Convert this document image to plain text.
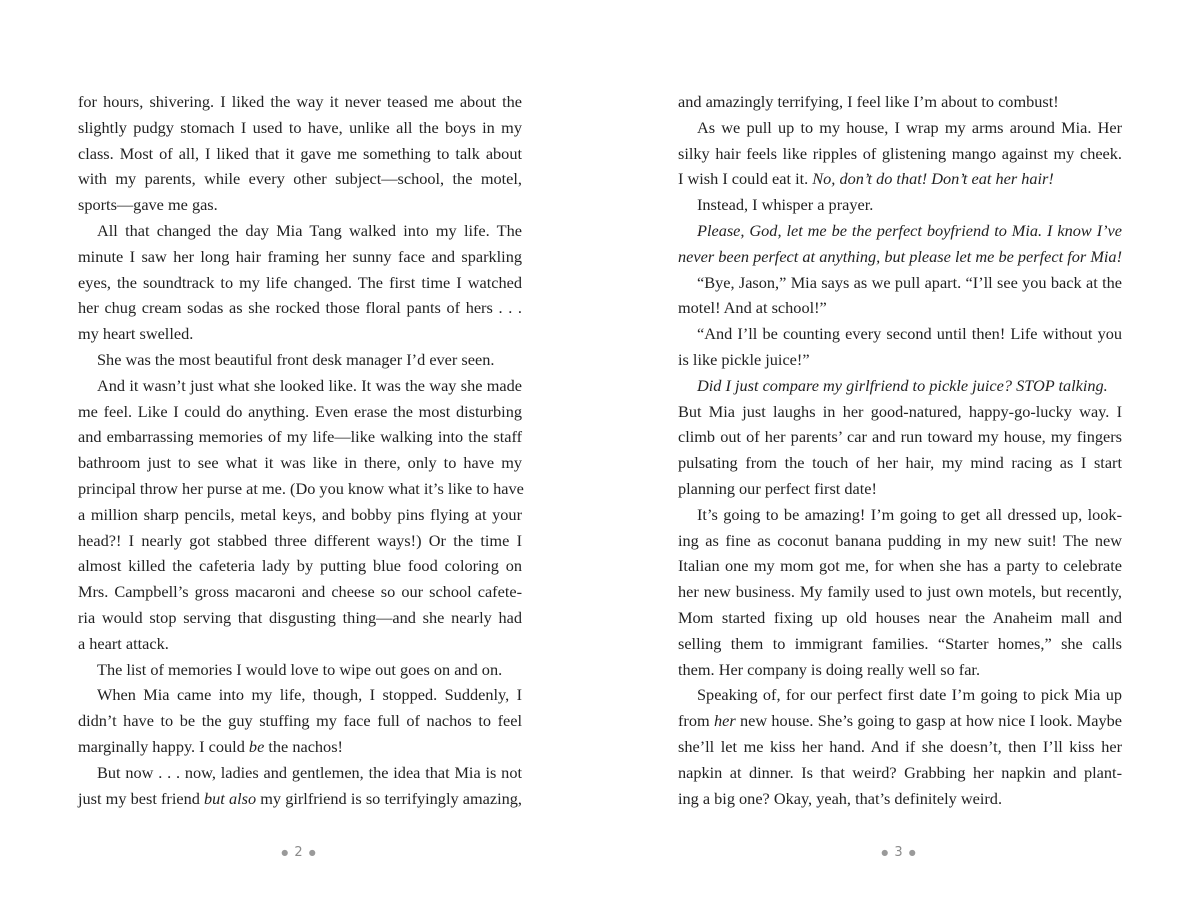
for hours, shivering. I liked the way it never teased me about the
slightly pudgy stomach I used to have, unlike all the boys in my
class. Most of all, I liked that it gave me something to talk about
with my parents, while every other subject—school, the motel,
sports—gave me gas.
All that changed the day Mia Tang walked into my life. The
minute I saw her long hair framing her sunny face and sparkling
eyes, the soundtrack to my life changed. The first time I watched
her chug cream sodas as she rocked those floral pants of hers . . .
my heart swelled.
She was the most beautiful front desk manager I’d ever seen.
And it wasn’t just what she looked like. It was the way she made
me feel. Like I could do anything. Even erase the most disturbing
and embarrassing memories of my life—like walking into the staff
bathroom just to see what it was like in there, only to have my
principal throw her purse at me. (Do you know what it’s like to have
a million sharp pencils, metal keys, and bobby pins flying at your
head?! I nearly got stabbed three different ways!) Or the time I
almost killed the cafeteria lady by putting blue food coloring on
Mrs. Campbell’s gross macaroni and cheese so our school cafete-
ria would stop serving that disgusting thing—and she nearly had
a heart attack.
The list of memories I would love to wipe out goes on and on.
When Mia came into my life, though, I stopped. Suddenly, I
didn’t have to be the guy stuffing my face full of nachos to feel
marginally happy. I could be the nachos!
But now . . . now, ladies and gentlemen, the idea that Mia is not
just my best friend but also my girlfriend is so terrifyingly amazing,
and amazingly terrifying, I feel like I’m about to combust!
As we pull up to my house, I wrap my arms around Mia. Her
silky hair feels like ripples of glistening mango against my cheek.
I wish I could eat it. No, don’t do that! Don’t eat her hair!
Instead, I whisper a prayer.
Please, God, let me be the perfect boyfriend to Mia. I know I’ve
never been perfect at anything, but please let me be perfect for Mia!
“Bye, Jason,” Mia says as we pull apart. “I’ll see you back at the
motel! And at school!”
“And I’ll be counting every second until then! Life without you
is like pickle juice!”
Did I just compare my girlfriend to pickle juice? STOP talking.
But Mia just laughs in her good-natured, happy-go-lucky way. I
climb out of her parents’ car and run toward my house, my fingers
pulsating from the touch of her hair, my mind racing as I start
planning our perfect first date!
It’s going to be amazing! I’m going to get all dressed up, look-
ing as fine as coconut banana pudding in my new suit! The new
Italian one my mom got me, for when she has a party to celebrate
her new business. My family used to just own motels, but recently,
Mom started fixing up old houses near the Anaheim mall and
selling them to immigrant families. “Starter homes,” she calls
them. Her company is doing really well so far.
Speaking of, for our perfect first date I’m going to pick Mia up
from her new house. She’s going to gasp at how nice I look. Maybe
she’ll let me kiss her hand. And if she doesn’t, then I’ll kiss her
napkin at dinner. Is that weird? Grabbing her napkin and plant-
ing a big one? Okay, yeah, that’s definitely weird.
● 2 ●	● 3 ●
